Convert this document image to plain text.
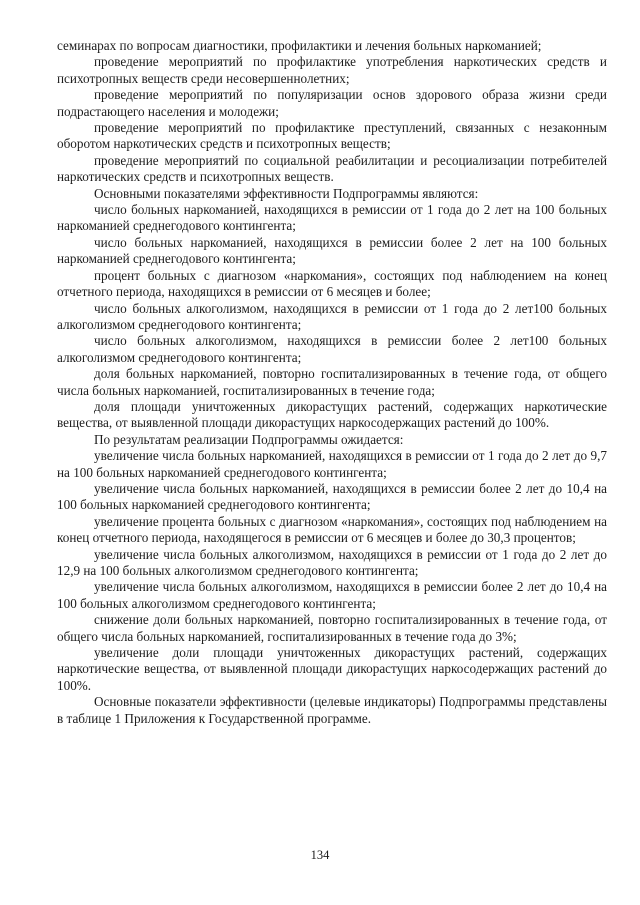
семинарах по вопросам диагностики, профилактики и лечения больных наркоманией;

проведение мероприятий по профилактике употребления наркотических средств и психотропных веществ среди несовершеннолетних;

проведение мероприятий по популяризации основ здорового образа жизни среди подрастающего населения и молодежи;

проведение мероприятий по профилактике преступлений, связанных с незаконным оборотом наркотических средств и психотропных веществ;

проведение мероприятий по социальной реабилитации и ресоциализации потребителей наркотических средств и психотропных веществ.

Основными показателями эффективности Подпрограммы являются:

число больных наркоманией, находящихся в ремиссии от 1 года до 2 лет на 100 больных наркоманией среднегодового контингента;

число больных наркоманией, находящихся в ремиссии более 2 лет на 100 больных наркоманией среднегодового контингента;

процент больных с диагнозом «наркомания», состоящих под наблюдением на конец отчетного периода, находящихся в ремиссии от 6 месяцев и более;

число больных алкоголизмом, находящихся в ремиссии от 1 года до 2 лет100 больных алкоголизмом среднегодового контингента;

число больных алкоголизмом, находящихся в ремиссии более 2 лет100 больных алкоголизмом среднегодового контингента;

доля больных наркоманией, повторно госпитализированных в течение года, от общего числа больных наркоманией, госпитализированных в течение года;

доля площади уничтоженных дикорастущих растений, содержащих наркотические вещества, от выявленной площади дикорастущих наркосодержащих растений до 100%.

По результатам реализации Подпрограммы ожидается:

увеличение числа больных наркоманией, находящихся в ремиссии от 1 года до 2 лет до 9,7 на 100 больных наркоманией среднегодового контингента;

увеличение числа больных наркоманией, находящихся в ремиссии более 2 лет до 10,4 на 100 больных наркоманией среднегодового контингента;

увеличение процента больных с диагнозом «наркомания», состоящих под наблюдением на конец отчетного периода, находящегося в ремиссии от 6 месяцев и более до 30,3 процентов;

увеличение числа больных алкоголизмом, находящихся в ремиссии от 1 года до 2 лет до 12,9 на 100 больных алкоголизмом среднегодового контингента;

увеличение числа больных алкоголизмом, находящихся в ремиссии более 2 лет до 10,4 на 100 больных алкоголизмом среднегодового контингента;

снижение доли больных наркоманией, повторно госпитализированных в течение года, от общего числа больных наркоманией, госпитализированных в течение года до 3%;

увеличение доли площади уничтоженных дикорастущих растений, содержащих наркотические вещества, от выявленной площади дикорастущих наркосодержащих растений до 100%.

Основные показатели эффективности (целевые индикаторы) Подпрограммы представлены в таблице 1 Приложения к Государственной программе.

134
